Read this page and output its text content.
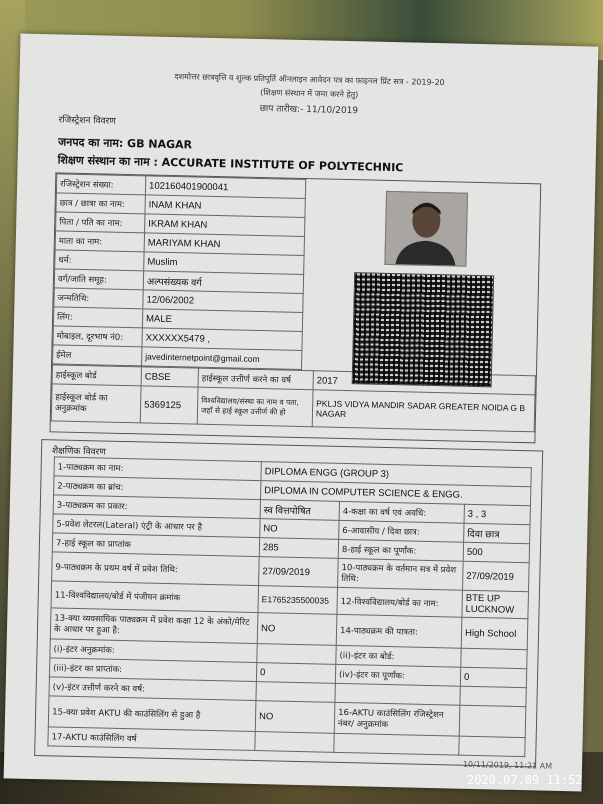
दशमोत्तर छात्रवृत्ति व शुल्क प्रतिपूर्ति ऑनलाइन आवेदन पत्र का फ़ाइनल प्रिंट सत्र - 2019-20
(शिक्षण संस्थान में जमा करने हेतु)
छाप तारीख:- 11/10/2019
रजिस्ट्रेशन विवरण
जनपद का नाम: GB NAGAR
शिक्षण संस्थान का नाम : ACCURATE INSTITUTE OF POLYTECHNIC
रजिस्ट्रेशन संख्या:	102160401900041
छात्र / छात्रा का नाम:	INAM KHAN
पिता / पति का नाम:	IKRAM KHAN
माता का नाम:	MARIYAM KHAN
धर्म:	Muslim
वर्ग/जाति समूह:	अल्पसंख्यक वर्ग
जन्मतिथि:	12/06/2002
लिंग:	MALE
मोबाइल, दूरभाष नं0:	XXXXXX5479 ,
ईमेल	javedinternetpoint@gmail.com
हाईस्कूल बोर्ड	CBSE	हाईस्कूल उत्तीर्ण करने का वर्ष	2017
हाईस्कूल बोर्ड का अनुक्रमांक	5369125	विश्वविद्यालय/संस्था का नाम व पता, जहाँ से हाई स्कूल उत्तीर्ण की हो	PKLJS VIDYA MANDIR SADAR GREATER NOIDA G B NAGAR
शैक्षणिक विवरण
1-पाठ्यक्रम का नाम:	DIPLOMA ENGG (GROUP 3)		
2-पाठ्यक्रम का ब्रांच:	DIPLOMA IN COMPUTER SCIENCE & ENGG.		
3-पाठ्यक्रम का प्रकार:	स्व वित्तपोषित	4-कक्षा का वर्ष एवं अवधि:	3 , 3
5-प्रवेश लेटरल(Lateral) एंट्री के आधार पर है	NO	6-आवासीय / दिवा छात्र:	दिवा छात्र
7-हाई स्कूल का प्राप्तांक	285	8-हाई स्कूल का पूर्णांक:	500
9-पाठ्यक्रम के प्रथम वर्ष में प्रवेश तिथि:	27/09/2019	10-पाठ्यक्रम के वर्तमान सत्र में प्रवेश तिथि:	27/09/2019
11-विश्वविद्यालय/बोर्ड में पंजीयन क्रमांक	E1765235500035	12-विश्वविद्यालय/बोर्ड का नाम:	BTE UP LUCKNOW
13-क्या व्यवसायिक पाठ्यक्रम में प्रवेश कक्षा 12 के अंको/मेरिट के आधार पर हुआ है:	NO	14-पाठ्यक्रम की पात्रता:	High School
(i)-इंटर अनुक्रमांक:		(ii)-इंटर का बोर्ड:	
(iii)-इंटर का प्राप्तांक:	0	(iv)-इंटर का पूर्णांक:	0
(v)-इंटर उत्तीर्ण करने का वर्ष:			
15-क्या प्रवेश AKTU की काउंसिलिंग से हुआ है	NO	16-AKTU काउंसिलिंग रजिस्ट्रेशन नंबर/ अनुक्रमांक	
17-AKTU काउंसिलिंग वर्ष			
10/11/2019, 11:21 AM
2020.07.09 11:52
